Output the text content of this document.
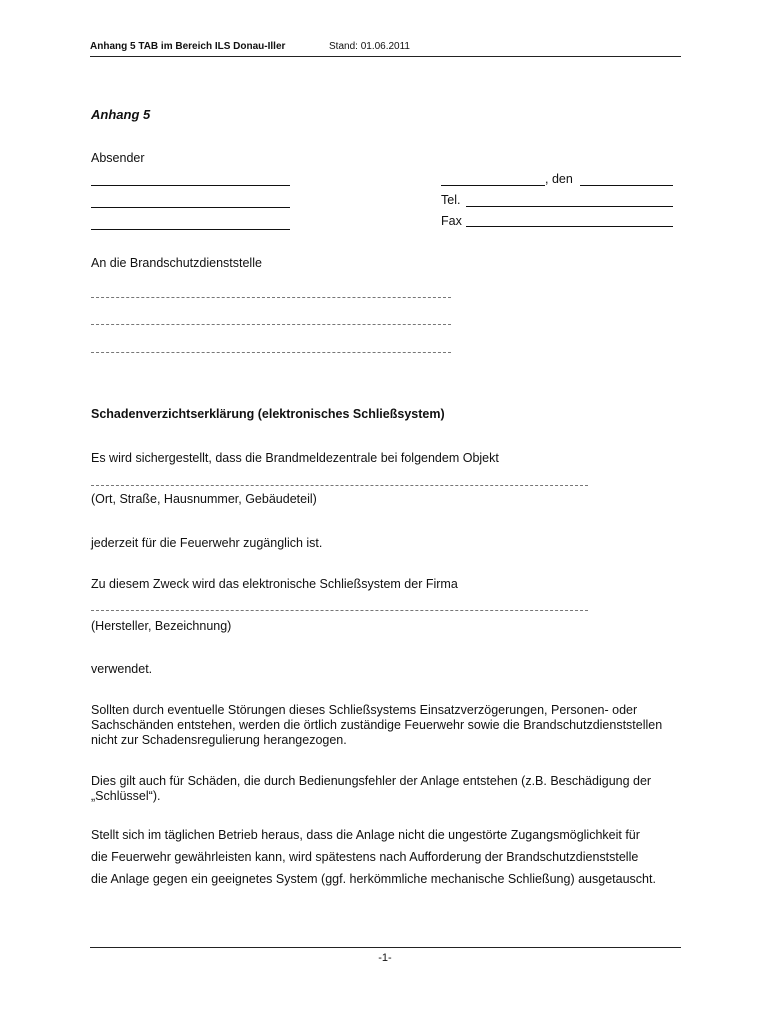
Anhang 5 TAB im Bereich ILS Donau-Iller	Stand: 01.06.2011
Anhang 5
Absender
, den
Tel.
Fax
An die Brandschutzdienststelle
Schadenverzichtserklärung (elektronisches Schließsystem)
Es wird sichergestellt, dass die Brandmeldezentrale bei folgendem Objekt
(Ort, Straße, Hausnummer, Gebäudeteil)
jederzeit für die Feuerwehr zugänglich ist.
Zu diesem Zweck wird das elektronische Schließsystem der Firma
(Hersteller, Bezeichnung)
verwendet.
Sollten durch eventuelle Störungen dieses Schließsystems Einsatzverzögerungen, Personen- oder Sachschänden entstehen, werden die örtlich zuständige Feuerwehr sowie die Brandschutzdienststellen nicht zur Schadensregulierung herangezogen.
Dies gilt auch für Schäden, die durch Bedienungsfehler der Anlage entstehen (z.B. Beschädigung der „Schlüssel“).
Stellt sich im täglichen Betrieb heraus, dass die Anlage nicht die ungestörte Zugangsmöglichkeit für
die Feuerwehr gewährleisten kann, wird spätestens nach Aufforderung der Brandschutzdienststelle
die Anlage gegen ein geeignetes System (ggf. herkömmliche mechanische Schließung) ausgetauscht.
-1-
